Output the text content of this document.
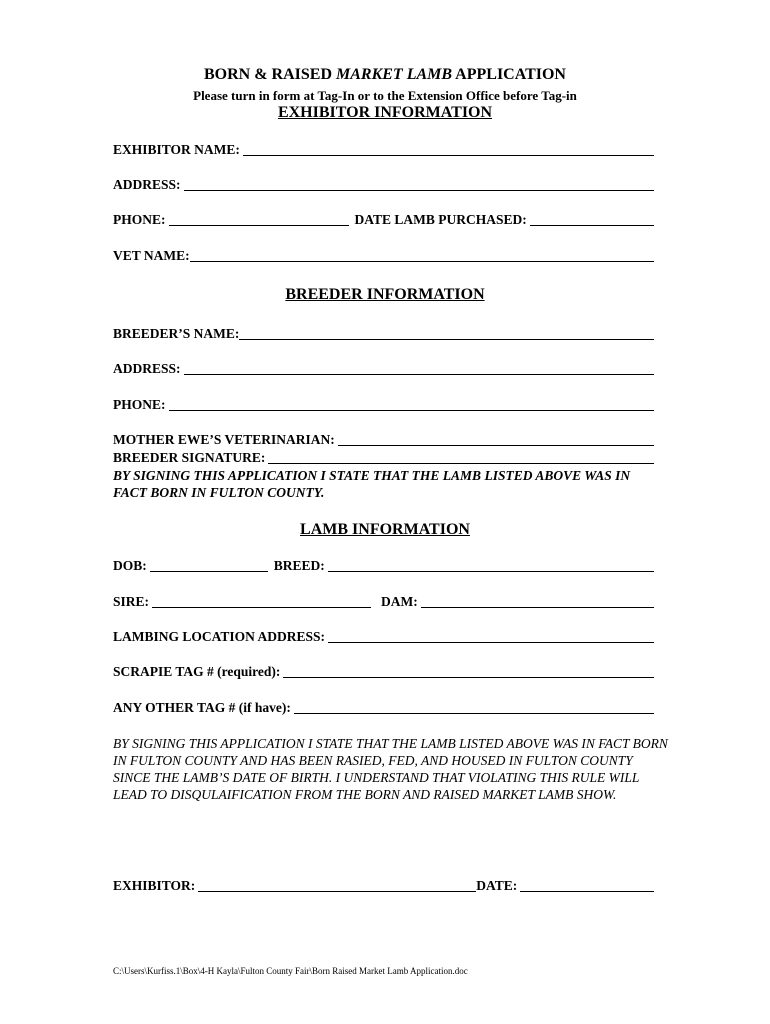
BORN & RAISED MARKET LAMB APPLICATION
Please turn in form at Tag-In or to the Extension Office before Tag-in
EXHIBITOR INFORMATION
EXHIBITOR NAME:
ADDRESS:
PHONE:	DATE LAMB PURCHASED:
VET NAME:
BREEDER INFORMATION
BREEDER’S NAME:
ADDRESS:
PHONE:
MOTHER EWE’S VETERINARIAN:
BREEDER SIGNATURE:
BY SIGNING THIS APPLICATION I STATE THAT THE LAMB LISTED ABOVE WAS IN FACT BORN IN FULTON COUNTY.
LAMB INFORMATION
DOB:	BREED:
SIRE:	DAM:
LAMBING LOCATION ADDRESS:
SCRAPIE TAG # (required):
ANY OTHER TAG # (if have):
BY SIGNING THIS APPLICATION I STATE THAT THE LAMB LISTED ABOVE WAS IN FACT BORN IN FULTON COUNTY AND HAS BEEN RASIED, FED, AND HOUSED IN FULTON COUNTY SINCE THE LAMB’S DATE OF BIRTH. I UNDERSTAND THAT VIOLATING THIS RULE WILL LEAD TO DISQULAIFICATION FROM THE BORN AND RAISED MARKET LAMB SHOW.
EXHIBITOR:	DATE:
C:\Users\Kurfiss.1\Box\4-H Kayla\Fulton County Fair\Born Raised Market Lamb Application.doc
